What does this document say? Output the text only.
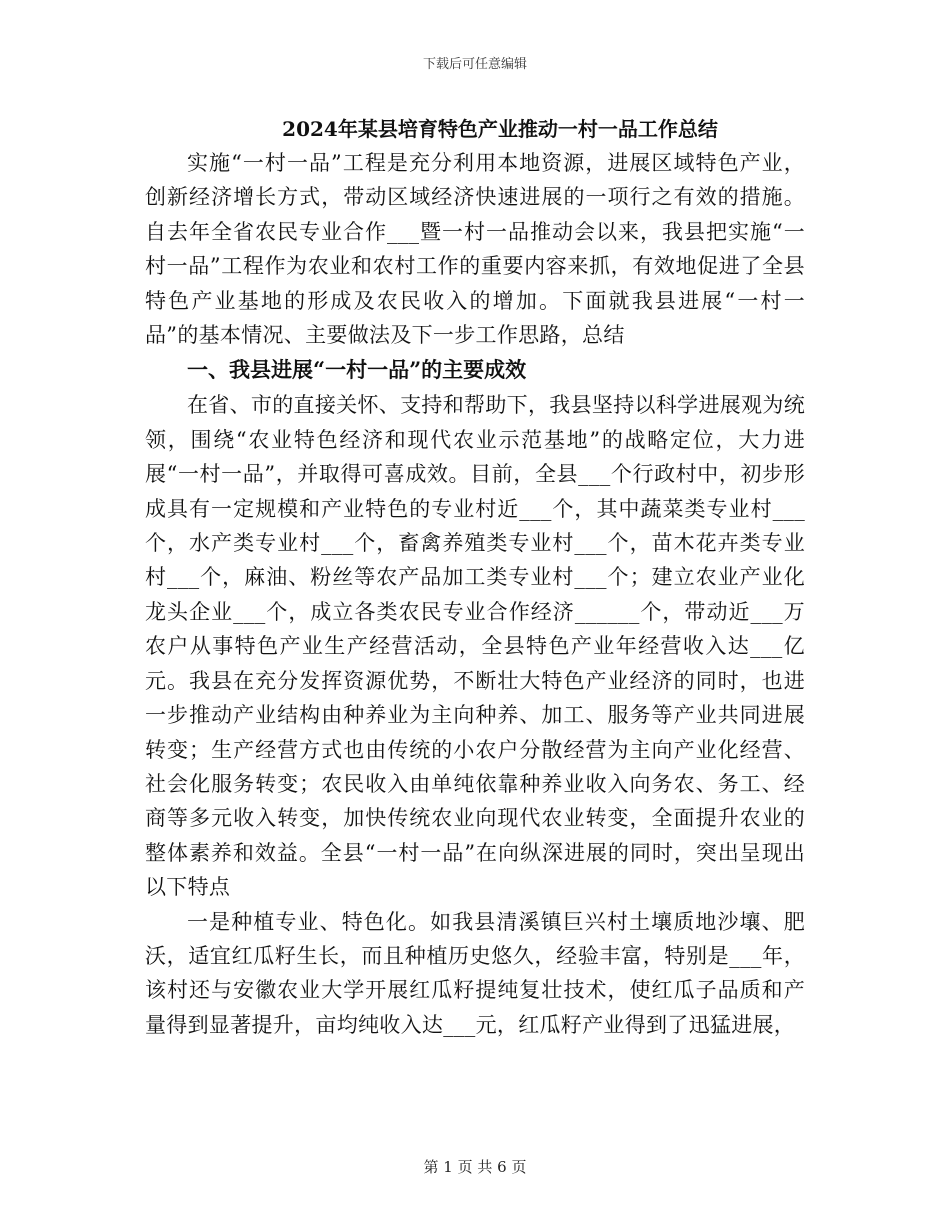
下载后可任意编辑
2024年某县培育特色产业推动一村一品工作总结

实施“一村一品”工程是充分利用本地资源，进展区域特色产业，创新经济增长方式，带动区域经济快速进展的一项行之有效的措施。自去年全省农民专业合作___暨一村一品推动会以来，我县把实施“一村一品”工程作为农业和农村工作的重要内容来抓，有效地促进了全县特色产业基地的形成及农民收入的增加。下面就我县进展“一村一品”的基本情况、主要做法及下一步工作思路，总结

一、我县进展“一村一品”的主要成效

在省、市的直接关怀、支持和帮助下，我县坚持以科学进展观为统领，围绕“农业特色经济和现代农业示范基地”的战略定位，大力进展“一村一品”，并取得可喜成效。目前，全县___个行政村中，初步形成具有一定规模和产业特色的专业村近___个，其中蔬菜类专业村___个，水产类专业村___个，畜禽养殖类专业村___个，苗木花卉类专业村___个，麻油、粉丝等农产品加工类专业村___个；建立农业产业化龙头企业___个，成立各类农民专业合作经济______个，带动近___万农户从事特色产业生产经营活动，全县特色产业年经营收入达___亿元。我县在充分发挥资源优势，不断壮大特色产业经济的同时，也进一步推动产业结构由种养业为主向种养、加工、服务等产业共同进展转变；生产经营方式也由传统的小农户分散经营为主向产业化经营、社会化服务转变；农民收入由单纯依靠种养业收入向务农、务工、经商等多元收入转变，加快传统农业向现代农业转变，全面提升农业的整体素养和效益。全县“一村一品”在向纵深进展的同时，突出呈现出以下特点

一是种植专业、特色化。如我县清溪镇巨兴村土壤质地沙壤、肥沃，适宜红瓜籽生长，而且种植历史悠久，经验丰富，特别是___年，该村还与安徽农业大学开展红瓜籽提纯复壮技术，使红瓜子品质和产量得到显著提升，亩均纯收入达___元，红瓜籽产业得到了迅猛进展，

第 1 页 共 6 页
